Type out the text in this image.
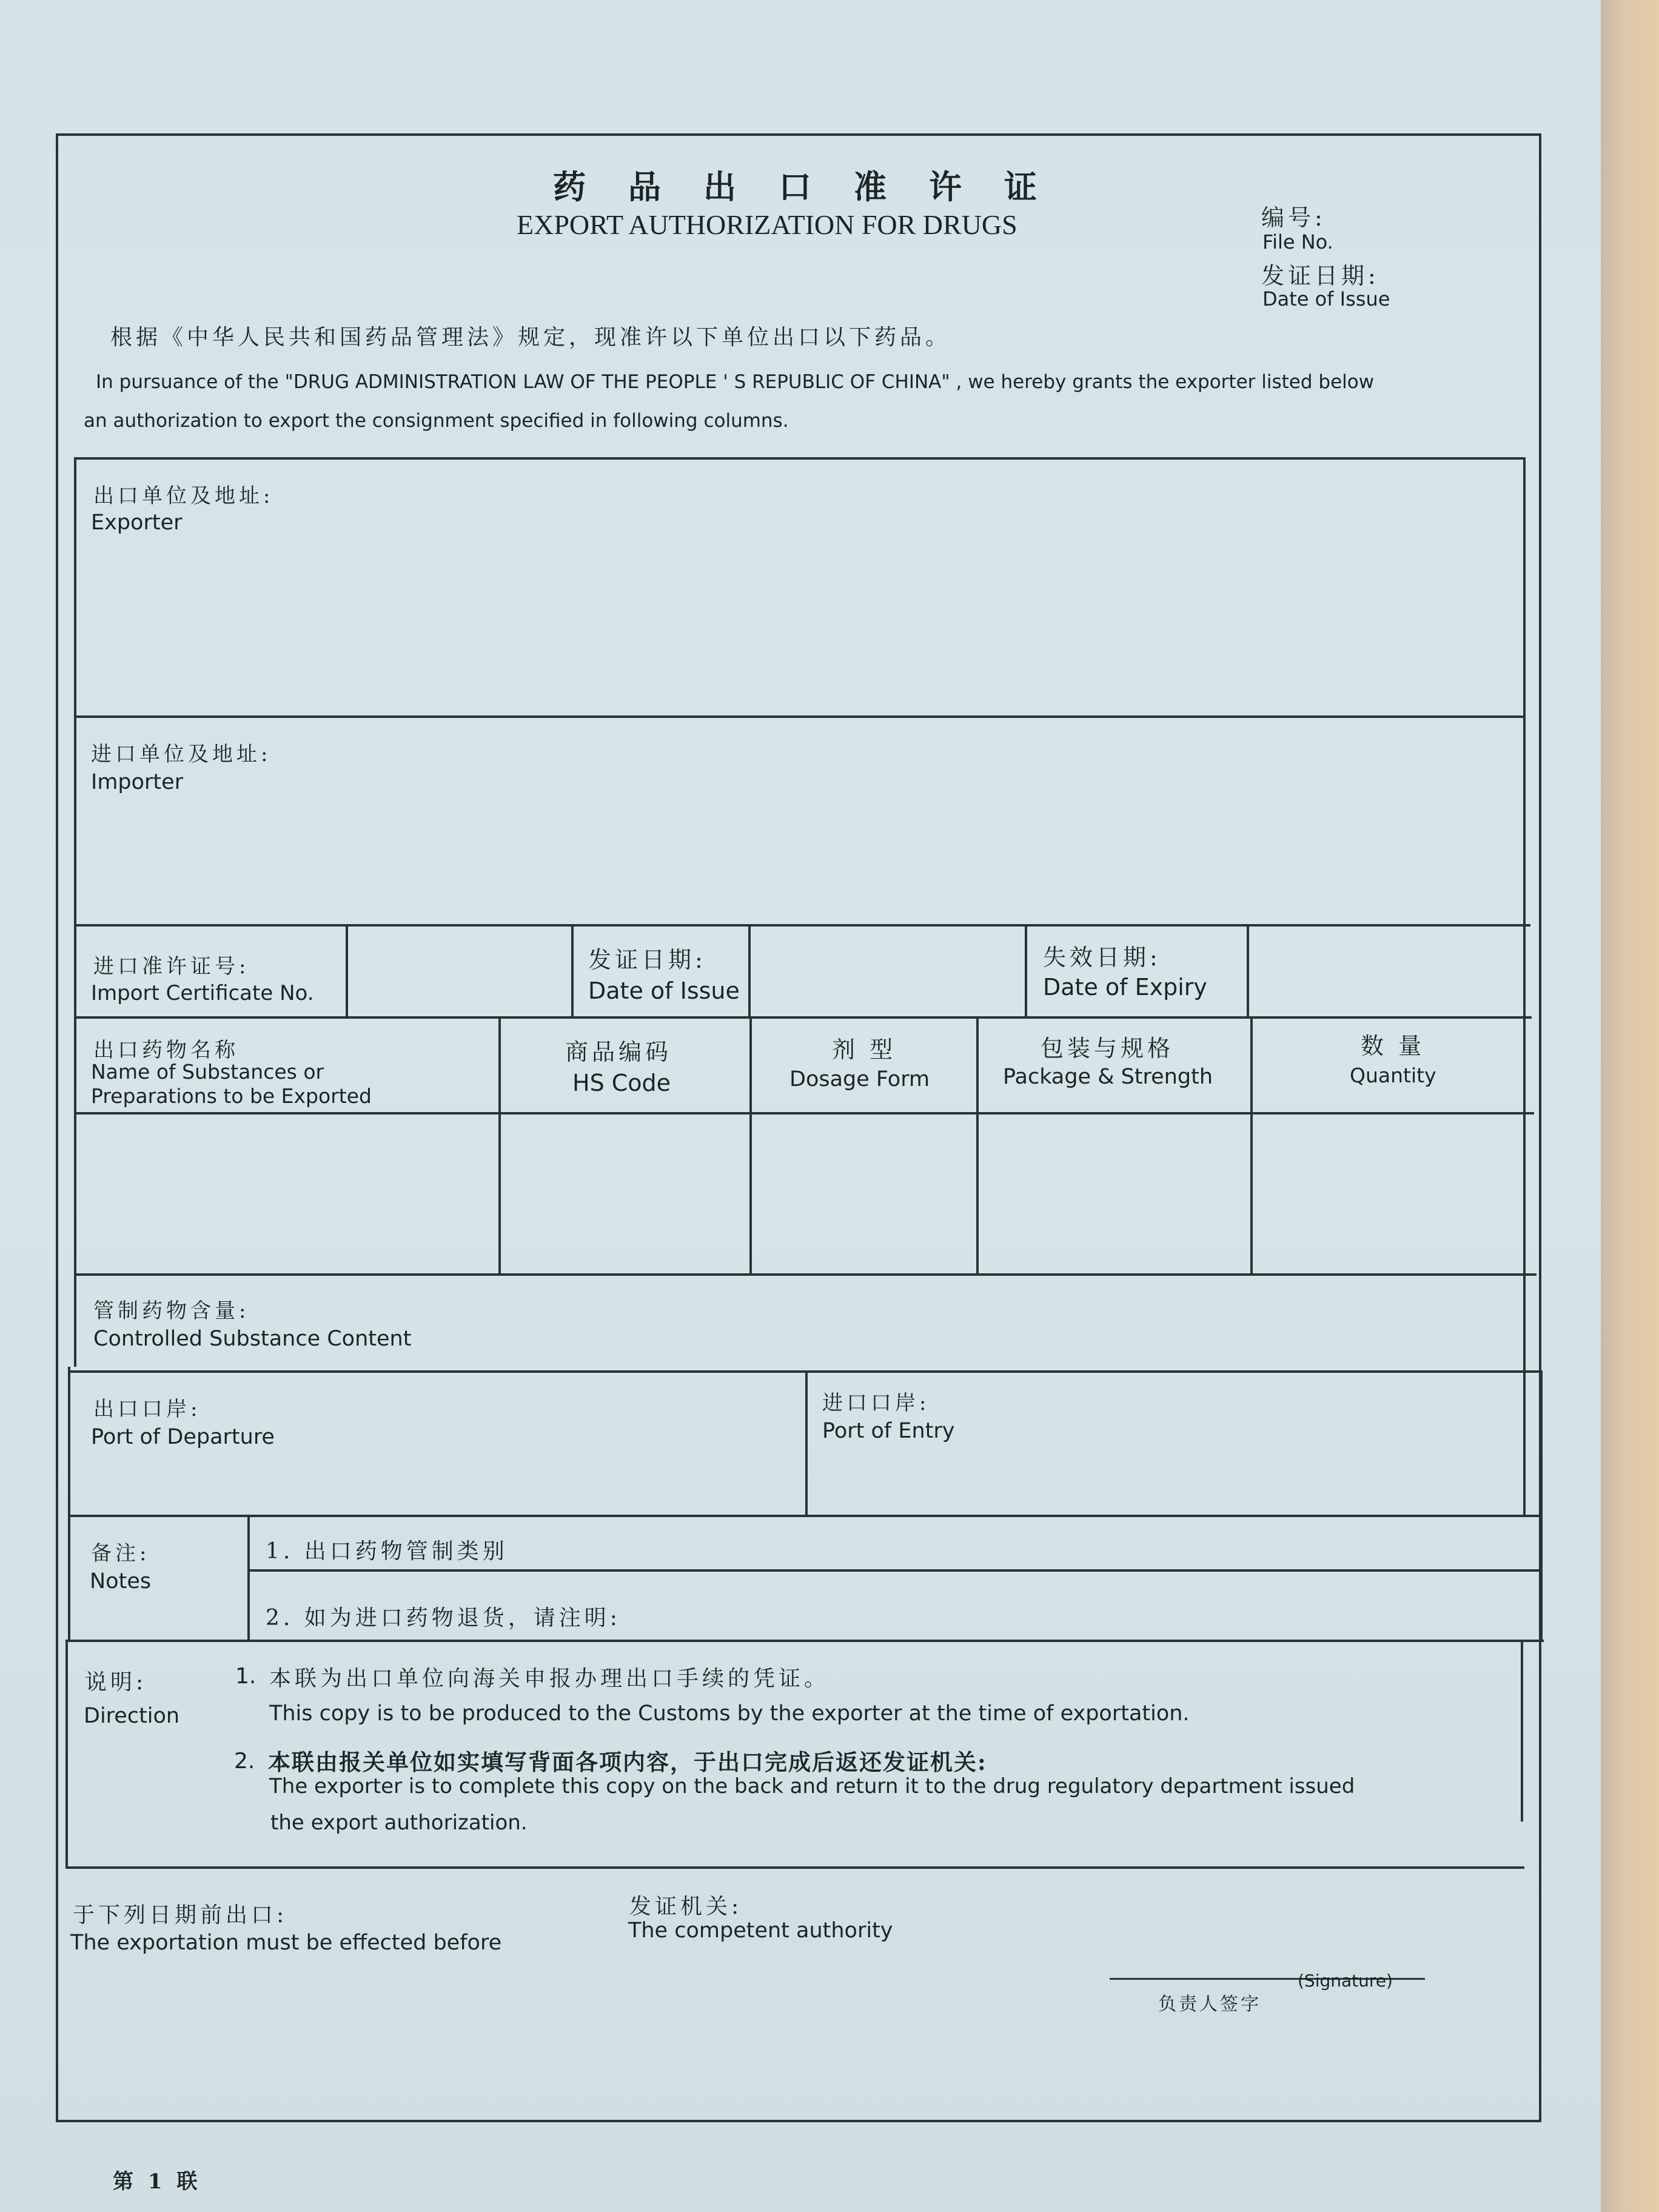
药品出口准许证
EXPORT AUTHORIZATION FOR DRUGS	编号:
File No.
发证日期:
Date of Issue
根据《中华人民共和国药品管理法》规定，现准许以下单位出口以下药品。
In pursuance of the "DRUG ADMINISTRATION LAW OF THE PEOPLE ' S REPUBLIC OF CHINA" , we hereby grants the exporter listed below
an authorization to export the consignment specified in following columns.
出口单位及地址:
Exporter
进口单位及地址:
Importer
进口准许证号:
Import Certificate No.
发证日期:
Date of Issue
失效日期:
Date of Expiry
出口药物名称
Name of Substances or
Preparations to be Exported
商品编码
HS Code
剂 型
Dosage Form
包装与规格
Package & Strength
数 量
Quantity
管制药物含量:
Controlled Substance Content
出口口岸:
Port of Departure
进口口岸:
Port of Entry
备注:
Notes
1. 出口药物管制类别
2. 如为进口药物退货，请注明:
说明:
Direction
1. 本联为出口单位向海关申报办理出口手续的凭证。
This copy is to be produced to the Customs by the exporter at the time of exportation.
2. 本联由报关单位如实填写背面各项内容，于出口完成后返还发证机关:
The exporter is to complete this copy on the back and return it to the drug regulatory department issued
the export authorization.
于下列日期前出口:
The exportation must be effected before
发证机关:
The competent authority
负责人签字
(Signature)
第 1 联
